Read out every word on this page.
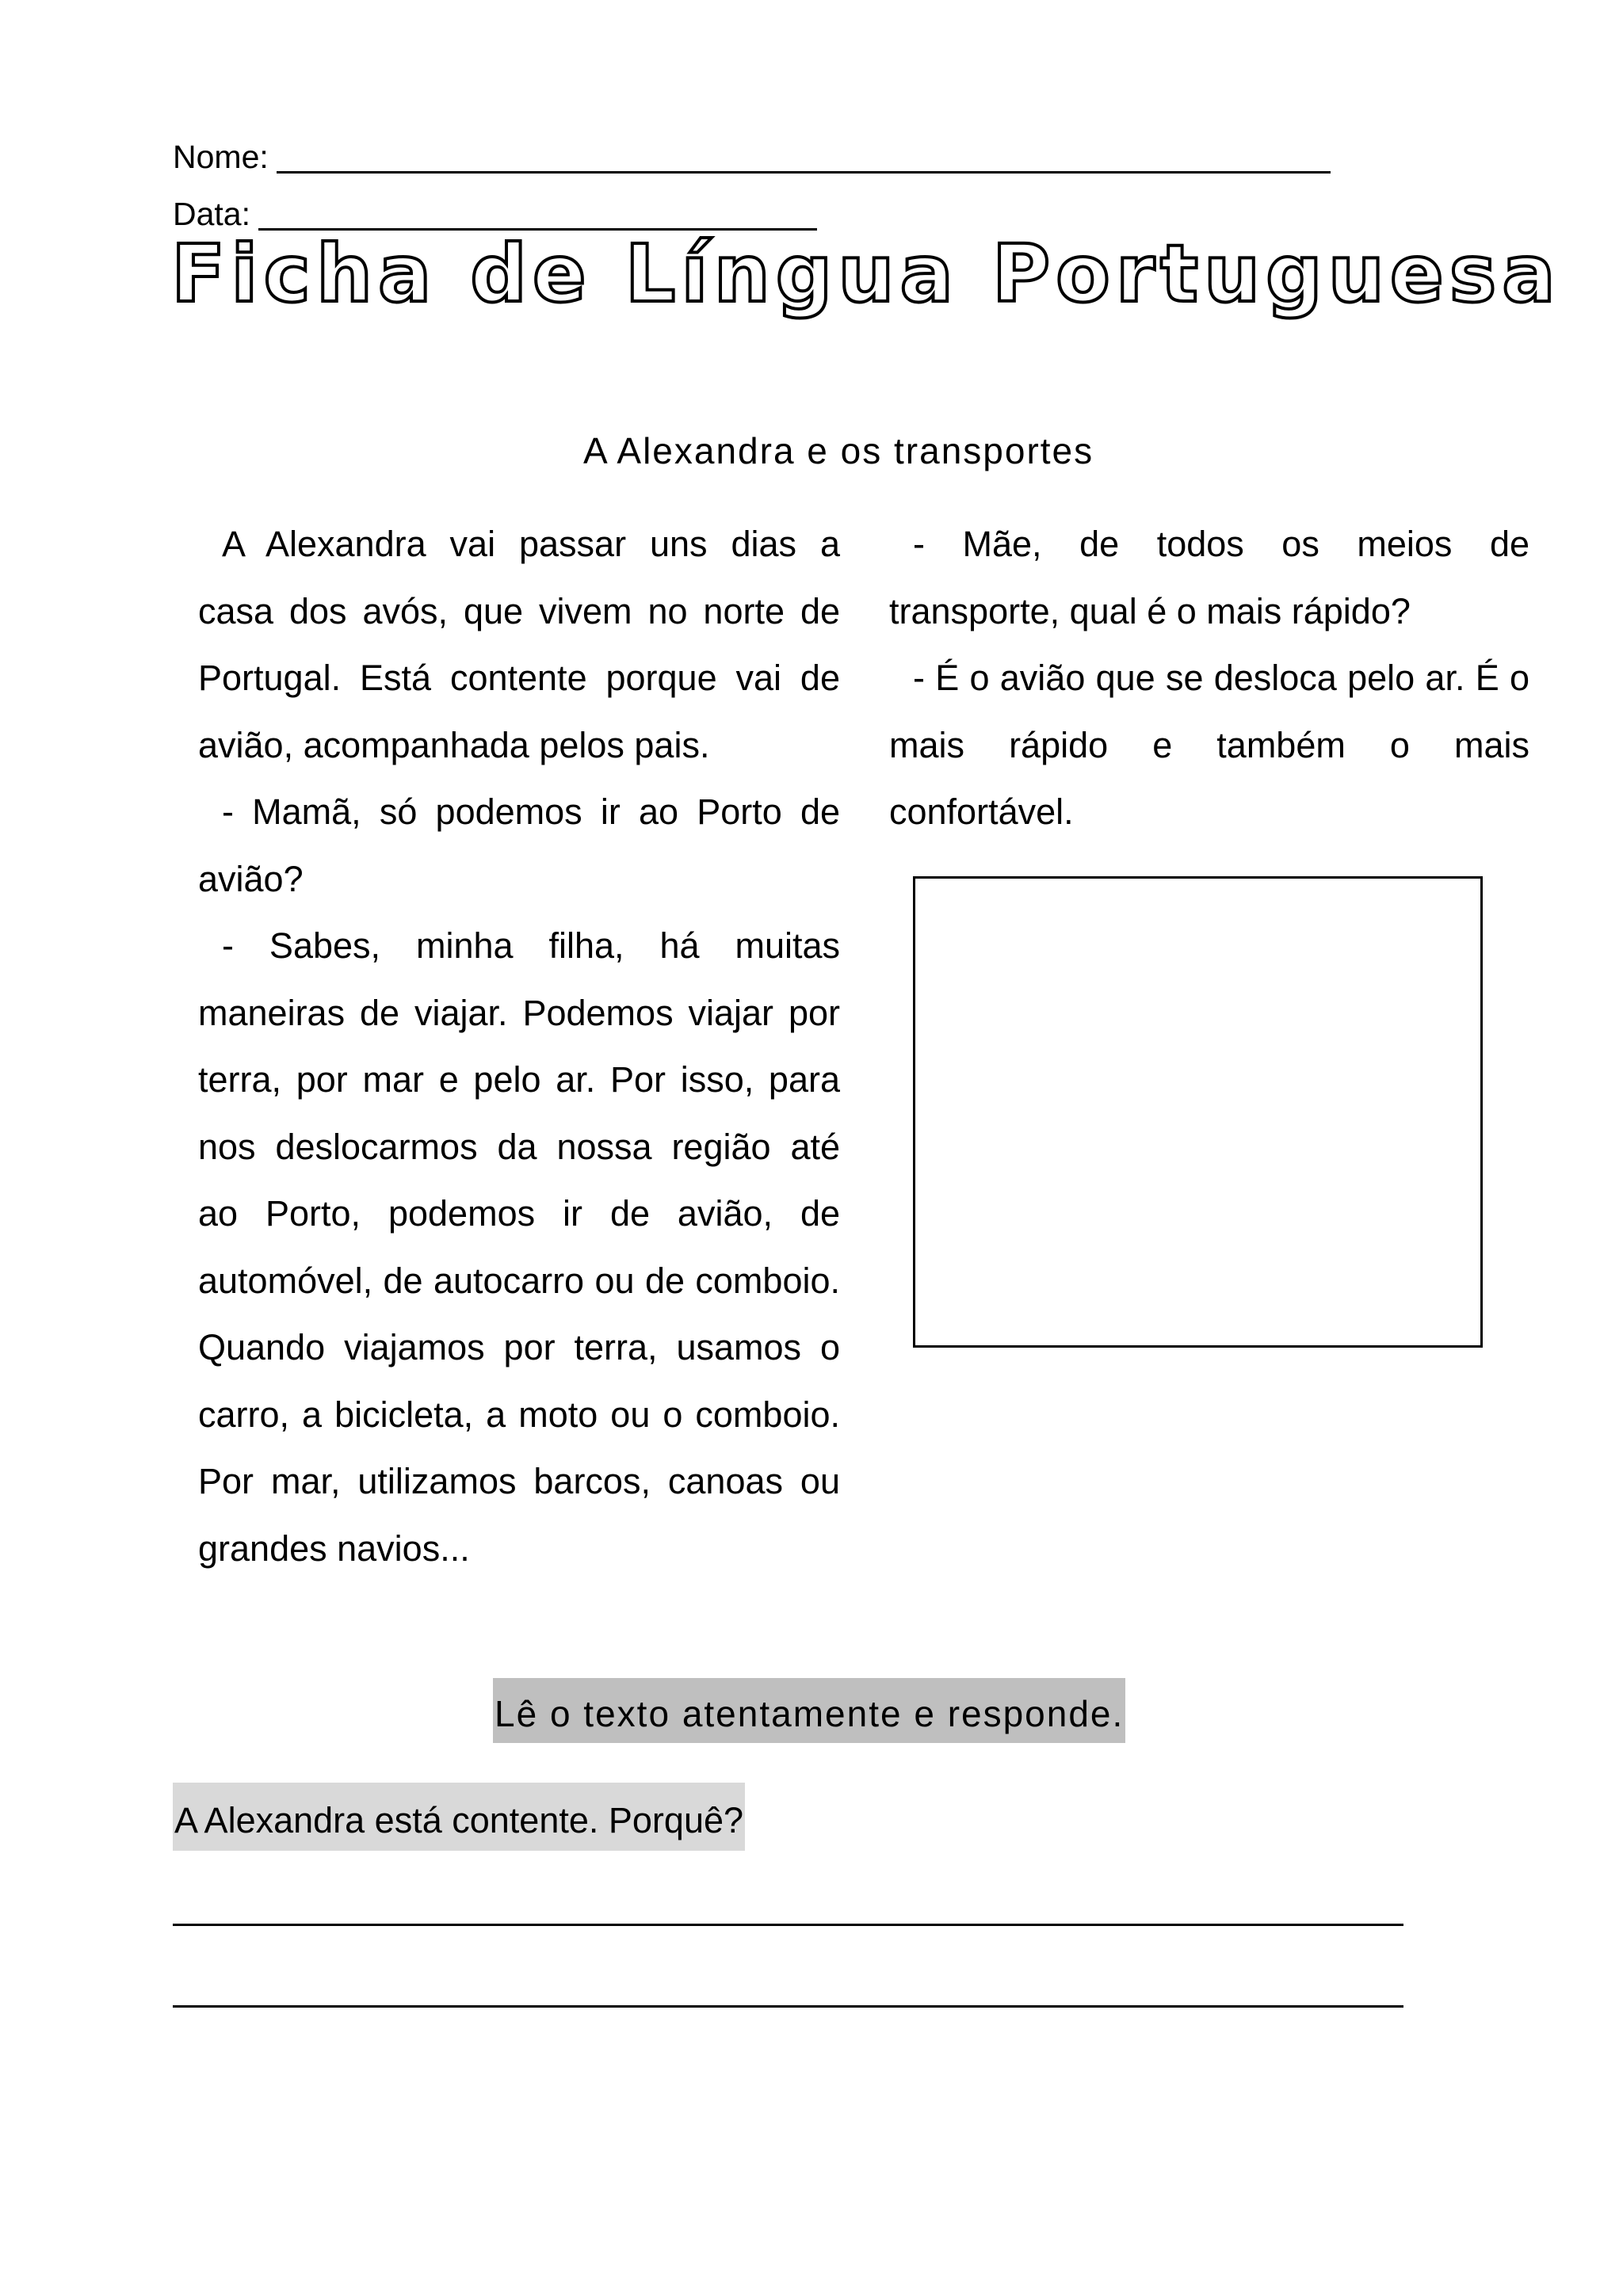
Nome:
Data:
Ficha de Língua Portuguesa
A Alexandra e os transportes

A Alexandra vai passar uns dias a casa dos avós, que vivem no norte de Portugal. Está contente porque vai de avião, acompanhada pelos pais.

- Mamã, só podemos ir ao Porto de avião?

- Sabes, minha filha, há muitas maneiras de viajar. Podemos viajar por terra, por mar e pelo ar. Por isso, para nos deslocarmos da nossa região até ao Porto, podemos ir de avião, de automóvel, de autocarro ou de comboio. Quando viajamos por terra, usamos o carro, a bicicleta, a moto ou o comboio. Por mar, utilizamos barcos, canoas ou grandes navios...

- Mãe, de todos os meios de transporte, qual é o mais rápido?

- É o avião que se desloca pelo ar. É o mais rápido e também o mais confortável.

Lê o texto atentamente e responde.
A Alexandra está contente. Porquê?
